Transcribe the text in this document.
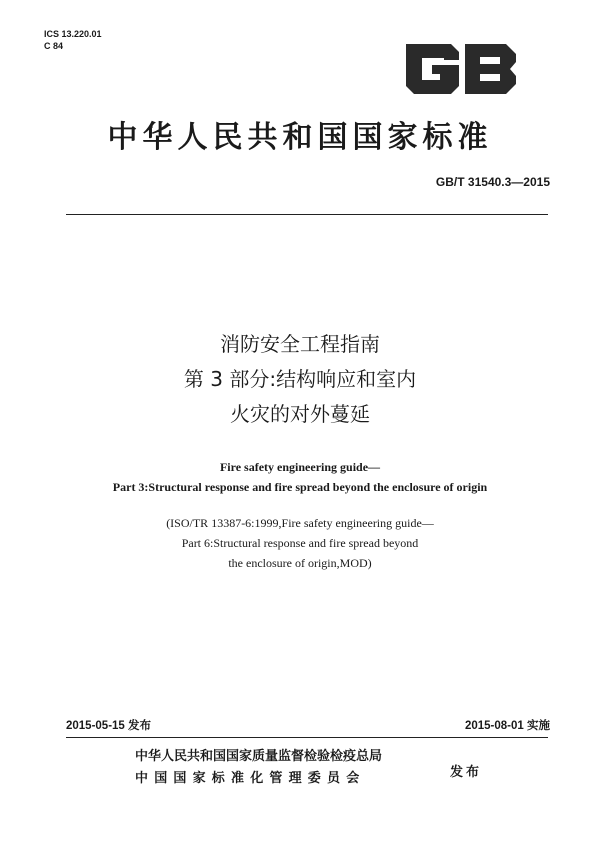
ICS 13.220.01
C 84
中华人民共和国国家标准
GB/T 31540.3—2015
消防安全工程指南
第 3 部分:结构响应和室内
火灾的对外蔓延
Fire safety engineering guide—
Part 3:Structural response and fire spread beyond the enclosure of origin
(ISO/TR 13387-6:1999,Fire safety engineering guide—
Part 6:Structural response and fire spread beyond
the enclosure of origin,MOD)
2015-05-15 发布	2015-08-01 实施
中华人民共和国国家质量监督检验检疫总局
中国国家标准化管理委员会	发布
